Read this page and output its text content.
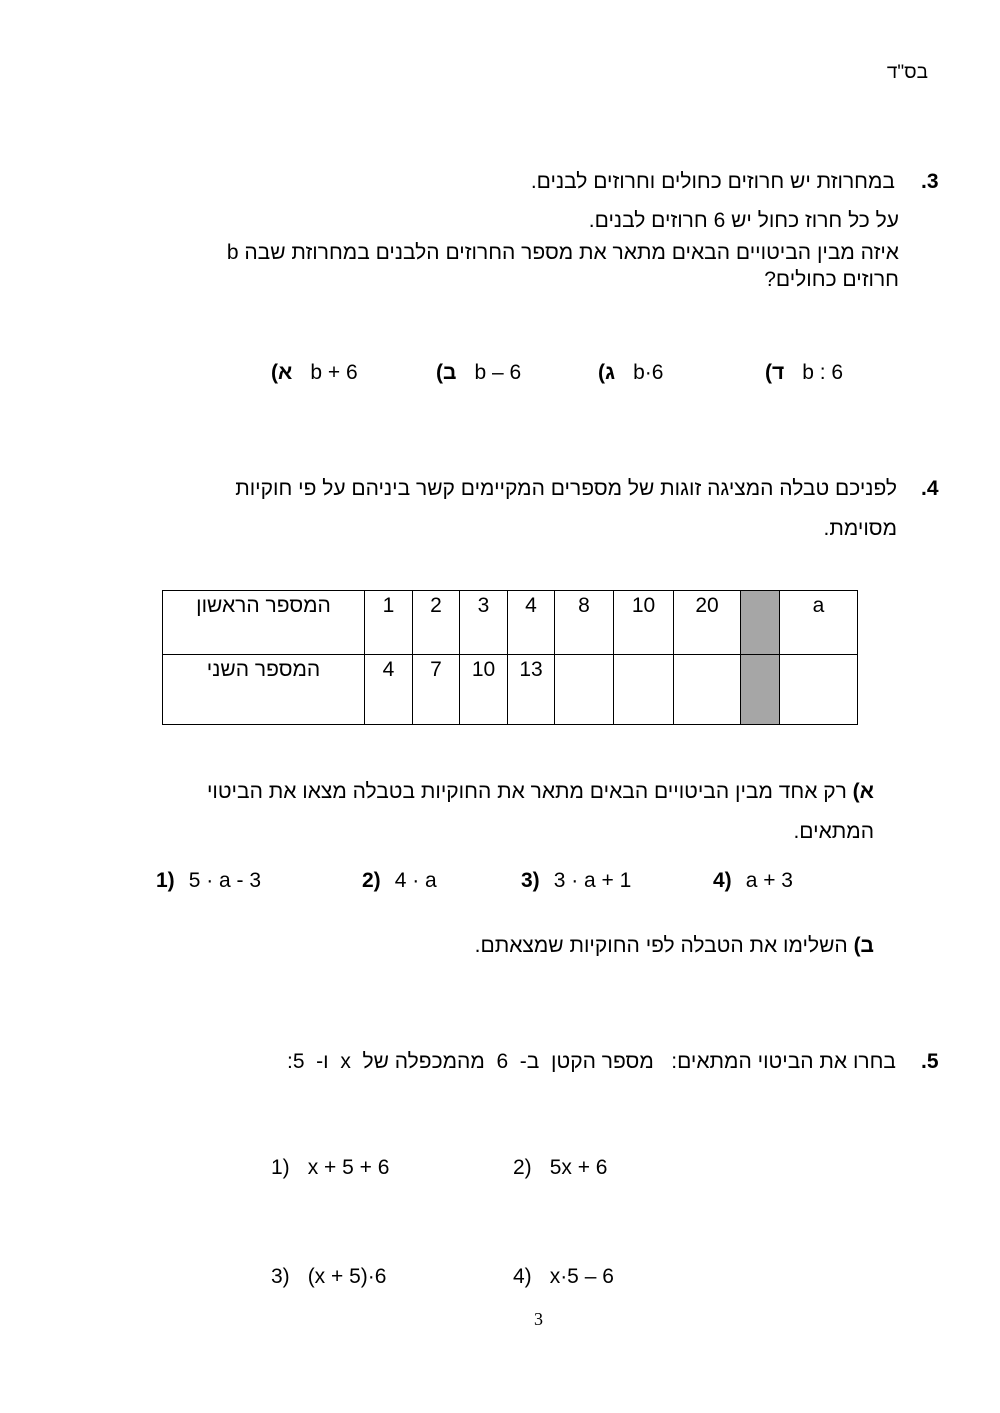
בס"ד
.3
במחרוזת יש חרוזים כחולים וחרוזים לבנים.
על כל חרוז כחול יש 6 חרוזים לבנים.
איזה מבין הביטויים הבאים מתאר את מספר החרוזים הלבנים במחרוזת שבה b
חרוזים כחולים?
א) b + 6	ב) b – 6	ג) b·6	ד) b : 6
.4
לפניכם טבלה המציגה זוגות של מספרים המקיימים קשר ביניהם על פי חוקיות
מסוימת.
המספר הראשון	1	2	3	4	8	10	20		a
המספר השני	4	7	10	13					
א) רק אחד מבין הביטויים הבאים מתאר את החוקיות בטבלה מצאו את הביטוי
המתאים.
1) 5 · a - 3	2) 4 · a	3) 3 · a + 1	4) a + 3
ב) השלימו את הטבלה לפי החוקיות שמצאתם.
.5
בחרו את הביטוי המתאים:   מספר הקטן  ב-  6  מהמכפלה של  x  ו-  5:
1) x + 5 + 6	2) 5x + 6
3) (x + 5)·6	4) x·5 – 6
3
